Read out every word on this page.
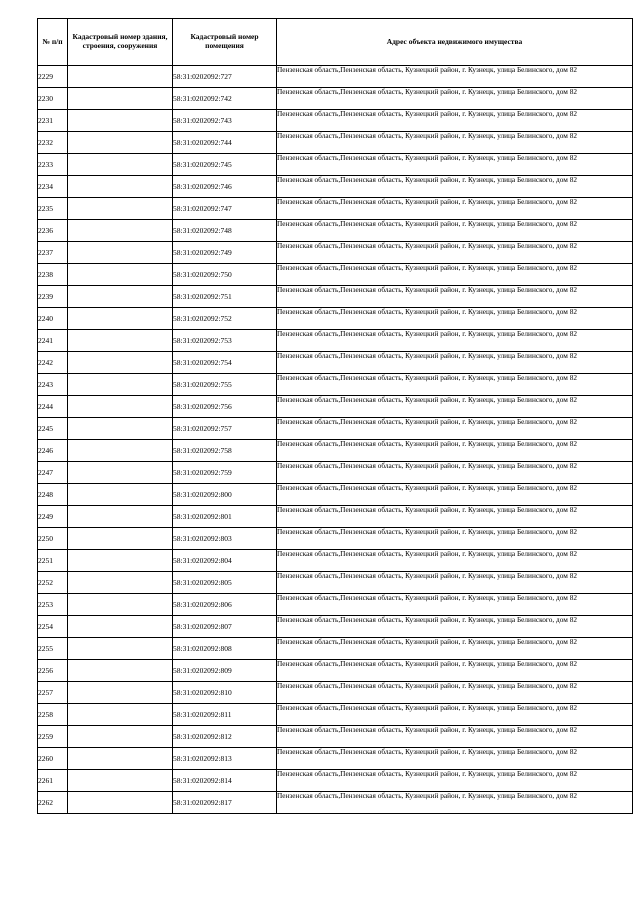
№ п/п	Кадастровый номер здания, строения, сооружения	Кадастровый номер помещения	Адрес объекта недвижимого имущества
2229		58:31:0202092:727	Пензенская область,Пензенская область, Кузнецкий район, г. Кузнецк, улица Белинского, дом 82
2230		58:31:0202092:742	Пензенская область,Пензенская область, Кузнецкий район, г. Кузнецк, улица Белинского, дом 82
2231		58:31:0202092:743	Пензенская область,Пензенская область, Кузнецкий район, г. Кузнецк, улица Белинского, дом 82
2232		58:31:0202092:744	Пензенская область,Пензенская область, Кузнецкий район, г. Кузнецк, улица Белинского, дом 82
2233		58:31:0202092:745	Пензенская область,Пензенская область, Кузнецкий район, г. Кузнецк, улица Белинского, дом 82
2234		58:31:0202092:746	Пензенская область,Пензенская область, Кузнецкий район, г. Кузнецк, улица Белинского, дом 82
2235		58:31:0202092:747	Пензенская область,Пензенская область, Кузнецкий район, г. Кузнецк, улица Белинского, дом 82
2236		58:31:0202092:748	Пензенская область,Пензенская область, Кузнецкий район, г. Кузнецк, улица Белинского, дом 82
2237		58:31:0202092:749	Пензенская область,Пензенская область, Кузнецкий район, г. Кузнецк, улица Белинского, дом 82
2238		58:31:0202092:750	Пензенская область,Пензенская область, Кузнецкий район, г. Кузнецк, улица Белинского, дом 82
2239		58:31:0202092:751	Пензенская область,Пензенская область, Кузнецкий район, г. Кузнецк, улица Белинского, дом 82
2240		58:31:0202092:752	Пензенская область,Пензенская область, Кузнецкий район, г. Кузнецк, улица Белинского, дом 82
2241		58:31:0202092:753	Пензенская область,Пензенская область, Кузнецкий район, г. Кузнецк, улица Белинского, дом 82
2242		58:31:0202092:754	Пензенская область,Пензенская область, Кузнецкий район, г. Кузнецк, улица Белинского, дом 82
2243		58:31:0202092:755	Пензенская область,Пензенская область, Кузнецкий район, г. Кузнецк, улица Белинского, дом 82
2244		58:31:0202092:756	Пензенская область,Пензенская область, Кузнецкий район, г. Кузнецк, улица Белинского, дом 82
2245		58:31:0202092:757	Пензенская область,Пензенская область, Кузнецкий район, г. Кузнецк, улица Белинского, дом 82
2246		58:31:0202092:758	Пензенская область,Пензенская область, Кузнецкий район, г. Кузнецк, улица Белинского, дом 82
2247		58:31:0202092:759	Пензенская область,Пензенская область, Кузнецкий район, г. Кузнецк, улица Белинского, дом 82
2248		58:31:0202092:800	Пензенская область,Пензенская область, Кузнецкий район, г. Кузнецк, улица Белинского, дом 82
2249		58:31:0202092:801	Пензенская область,Пензенская область, Кузнецкий район, г. Кузнецк, улица Белинского, дом 82
2250		58:31:0202092:803	Пензенская область,Пензенская область, Кузнецкий район, г. Кузнецк, улица Белинского, дом 82
2251		58:31:0202092:804	Пензенская область,Пензенская область, Кузнецкий район, г. Кузнецк, улица Белинского, дом 82
2252		58:31:0202092:805	Пензенская область,Пензенская область, Кузнецкий район, г. Кузнецк, улица Белинского, дом 82
2253		58:31:0202092:806	Пензенская область,Пензенская область, Кузнецкий район, г. Кузнецк, улица Белинского, дом 82
2254		58:31:0202092:807	Пензенская область,Пензенская область, Кузнецкий район, г. Кузнецк, улица Белинского, дом 82
2255		58:31:0202092:808	Пензенская область,Пензенская область, Кузнецкий район, г. Кузнецк, улица Белинского, дом 82
2256		58:31:0202092:809	Пензенская область,Пензенская область, Кузнецкий район, г. Кузнецк, улица Белинского, дом 82
2257		58:31:0202092:810	Пензенская область,Пензенская область, Кузнецкий район, г. Кузнецк, улица Белинского, дом 82
2258		58:31:0202092:811	Пензенская область,Пензенская область, Кузнецкий район, г. Кузнецк, улица Белинского, дом 82
2259		58:31:0202092:812	Пензенская область,Пензенская область, Кузнецкий район, г. Кузнецк, улица Белинского, дом 82
2260		58:31:0202092:813	Пензенская область,Пензенская область, Кузнецкий район, г. Кузнецк, улица Белинского, дом 82
2261		58:31:0202092:814	Пензенская область,Пензенская область, Кузнецкий район, г. Кузнецк, улица Белинского, дом 82
2262		58:31:0202092:817	Пензенская область,Пензенская область, Кузнецкий район, г. Кузнецк, улица Белинского, дом 82
